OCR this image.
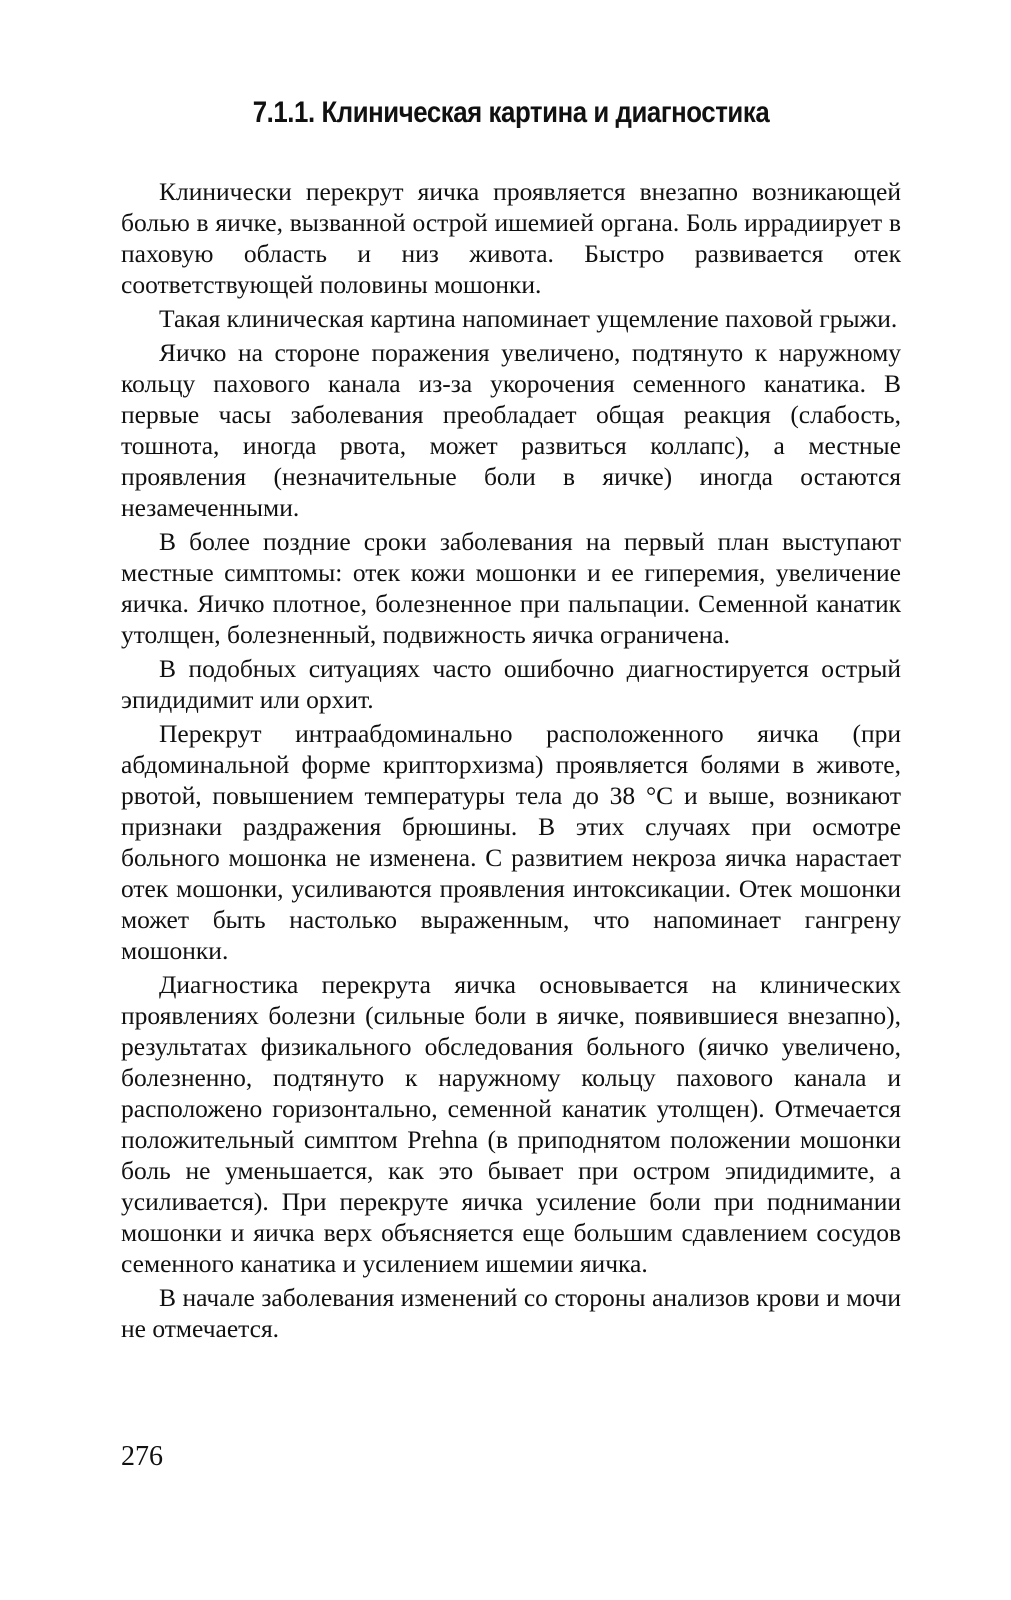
7.1.1. Клиническая картина и диагностика

Клинически перекрут яичка проявляется внезапно возникающей болью в яичке, вызванной острой ишемией органа. Боль иррадиирует в паховую область и низ живота. Быстро развивается отек соответствующей половины мошонки.

Такая клиническая картина напоминает ущемление паховой грыжи.

Яичко на стороне поражения увеличено, подтянуто к наружному кольцу пахового канала из-за укорочения семенного канатика. В первые часы заболевания преобладает общая реакция (слабость, тошнота, иногда рвота, может развиться коллапс), а местные проявления (незначительные боли в яичке) иногда остаются незамеченными.

В более поздние сроки заболевания на первый план выступают местные симптомы: отек кожи мошонки и ее гиперемия, увеличение яичка. Яичко плотное, болезненное при пальпации. Семенной канатик утолщен, болезненный, подвижность яичка ограничена.

В подобных ситуациях часто ошибочно диагностируется острый эпидидимит или орхит.

Перекрут интраабдоминально расположенного яичка (при абдоминальной форме крипторхизма) проявляется болями в животе, рвотой, повышением температуры тела до 38 °С и выше, возникают признаки раздражения брюшины. В этих случаях при осмотре больного мошонка не изменена. С развитием некроза яичка нарастает отек мошонки, усиливаются проявления интоксикации. Отек мошонки может быть настолько выраженным, что напоминает гангрену мошонки.

Диагностика перекрута яичка основывается на клинических проявлениях болезни (сильные боли в яичке, появившиеся внезапно), результатах физикального обследования больного (яичко увеличено, болезненно, подтянуто к наружному кольцу пахового канала и расположено горизонтально, семенной канатик утолщен). Отмечается положительный симптом Prehna (в приподнятом положении мошонки боль не уменьшается, как это бывает при остром эпидидимите, а усиливается). При перекруте яичка усиление боли при поднимании мошонки и яичка верх объясняется еще большим сдавлением сосудов семенного канатика и усилением ишемии яичка.

В начале заболевания изменений со стороны анализов крови и мочи не отмечается.

276
